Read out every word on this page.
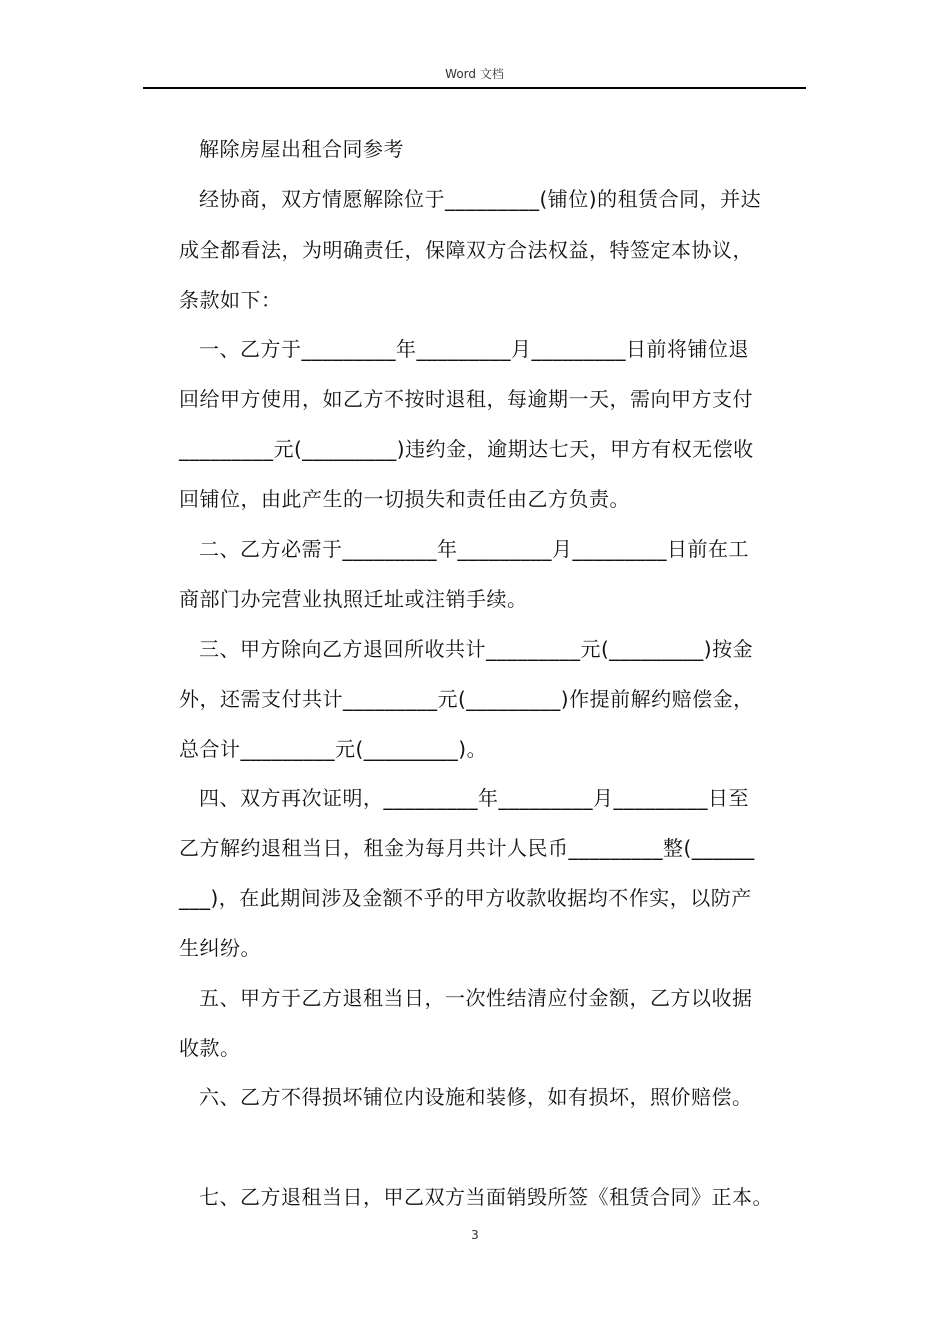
Word 文档
解除房屋出租合同参考
经协商，双方情愿解除位于_________(铺位)的租赁合同，并达
成全都看法，为明确责任，保障双方合法权益，特签定本协议，
条款如下：
一、乙方于_________年_________月_________日前将铺位退
回给甲方使用，如乙方不按时退租，每逾期一天，需向甲方支付
_________元(_________)违约金，逾期达七天，甲方有权无偿收
回铺位，由此产生的一切损失和责任由乙方负责。
二、乙方必需于_________年_________月_________日前在工
商部门办完营业执照迁址或注销手续。
三、甲方除向乙方退回所收共计_________元(_________)按金
外，还需支付共计_________元(_________)作提前解约赔偿金，
总合计_________元(_________)。
四、双方再次证明，_________年_________月_________日至
乙方解约退租当日，租金为每月共计人民币_________整(______
___)，在此期间涉及金额不乎的甲方收款收据均不作实，以防产
生纠纷。
五、甲方于乙方退租当日，一次性结清应付金额，乙方以收据
收款。
六、乙方不得损坏铺位内设施和装修，如有损坏，照价赔偿。
七、乙方退租当日，甲乙双方当面销毁所签《租赁合同》正本。
3
